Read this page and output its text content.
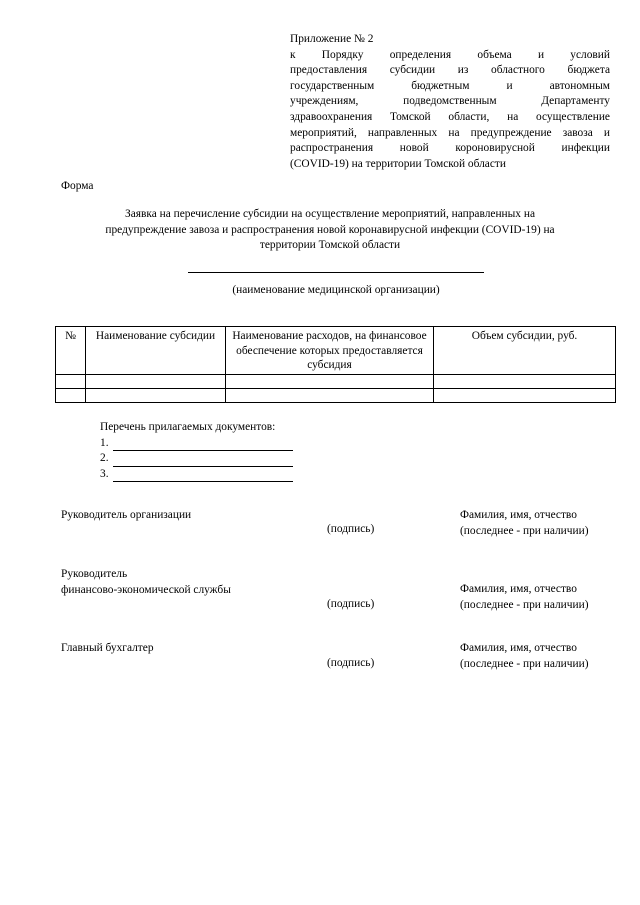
Приложение № 2
к Порядку определения объема и условий
предоставления субсидии из областного бюджета
государственным бюджетным и автономным
учреждениям, подведомственным Департаменту
здравоохранения Томской области, на осуществление
мероприятий, направленных на предупреждение завоза и
распространения новой короновирусной инфекции
(COVID-19) на территории Томской области
Форма
Заявка на перечисление субсидии на осуществление мероприятий, направленных на
предупреждение завоза и распространения новой коронавирусной инфекции (COVID-19) на
территории Томской области
(наименование медицинской организации)
№	Наименование субсидии	Наименование расходов, на финансовое обеспечение которых предоставляется субсидия	Объем субсидии, руб.

Перечень прилагаемых документов:
1.
2.
3.
Руководитель организации
(подпись)
Фамилия, имя, отчество
(последнее - при наличии)
Руководитель
финансово-экономической службы
(подпись)
Фамилия, имя, отчество
(последнее - при наличии)
Главный бухгалтер
(подпись)
Фамилия, имя, отчество
(последнее - при наличии)
